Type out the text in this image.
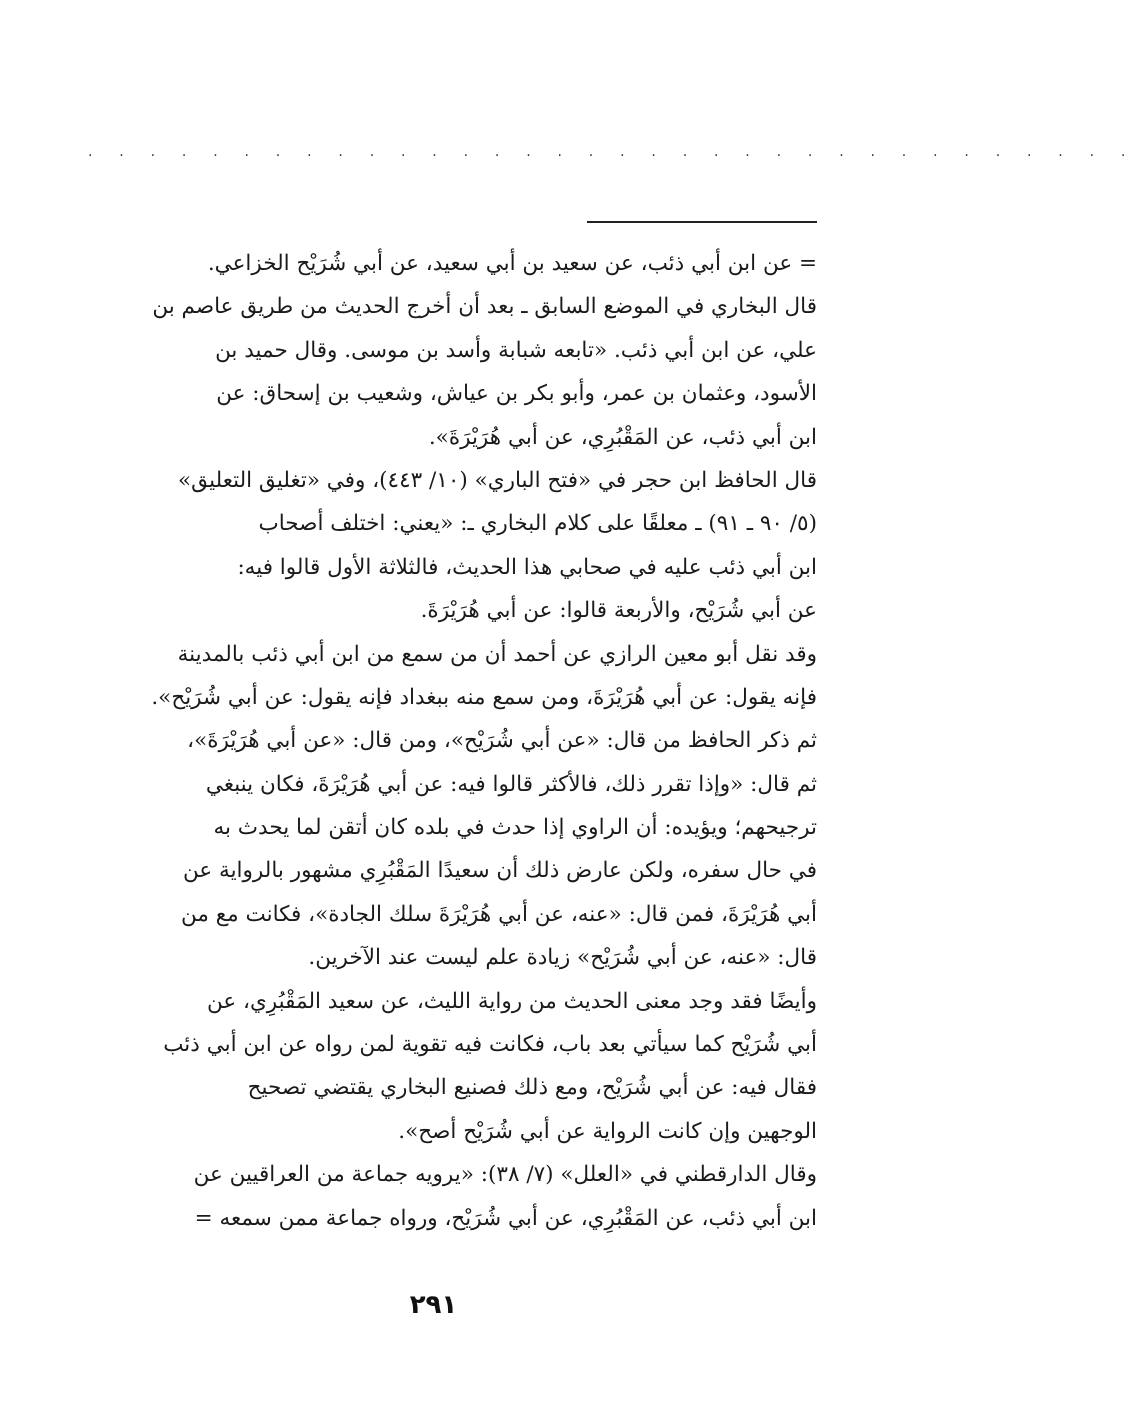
. . . . . . . . . . . . . . . . . . . . . . . . . . . . . . . . . .
= عن ابن أبي ذئب، عن سعيد بن أبي سعيد، عن أبي شُرَيْح الخزاعي.
قال البخاري في الموضع السابق ـ بعد أن أخرج الحديث من طريق عاصم بن
علي، عن ابن أبي ذئب. «تابعه شبابة وأسد بن موسى. وقال حميد بن
الأسود، وعثمان بن عمر، وأبو بكر بن عياش، وشعيب بن إسحاق: عن
ابن أبي ذئب، عن المَقْبُرِي، عن أبي هُرَيْرَةَ».
قال الحافظ ابن حجر في «فتح الباري» (١٠/ ٤٤٣)، وفي «تغليق التعليق»
(٥/ ٩٠ ـ ٩١) ـ معلقًا على كلام البخاري ـ: «يعني: اختلف أصحاب
ابن أبي ذئب عليه في صحابي هذا الحديث، فالثلاثة الأول قالوا فيه:
عن أبي شُرَيْح، والأربعة قالوا: عن أبي هُرَيْرَةَ.
وقد نقل أبو معين الرازي عن أحمد أن من سمع من ابن أبي ذئب بالمدينة
فإنه يقول: عن أبي هُرَيْرَةَ، ومن سمع منه ببغداد فإنه يقول: عن أبي شُرَيْح».
ثم ذكر الحافظ من قال: «عن أبي شُرَيْح»، ومن قال: «عن أبي هُرَيْرَةَ»،
ثم قال: «وإذا تقرر ذلك، فالأكثر قالوا فيه: عن أبي هُرَيْرَةَ، فكان ينبغي
ترجيحهم؛ ويؤيده: أن الراوي إذا حدث في بلده كان أتقن لما يحدث به
في حال سفره، ولكن عارض ذلك أن سعيدًا المَقْبُرِي مشهور بالرواية عن
أبي هُرَيْرَةَ، فمن قال: «عنه، عن أبي هُرَيْرَةَ سلك الجادة»، فكانت مع من
قال: «عنه، عن أبي شُرَيْح» زيادة علم ليست عند الآخرين.
وأيضًا فقد وجد معنى الحديث من رواية الليث، عن سعيد المَقْبُرِي، عن
أبي شُرَيْح كما سيأتي بعد باب، فكانت فيه تقوية لمن رواه عن ابن أبي ذئب
فقال فيه: عن أبي شُرَيْح، ومع ذلك فصنيع البخاري يقتضي تصحيح
الوجهين وإن كانت الرواية عن أبي شُرَيْح أصح».
وقال الدارقطني في «العلل» (٧/ ٣٨): «يرويه جماعة من العراقيين عن
ابن أبي ذئب، عن المَقْبُرِي، عن أبي شُرَيْح، ورواه جماعة ممن سمعه =
٢٩١
